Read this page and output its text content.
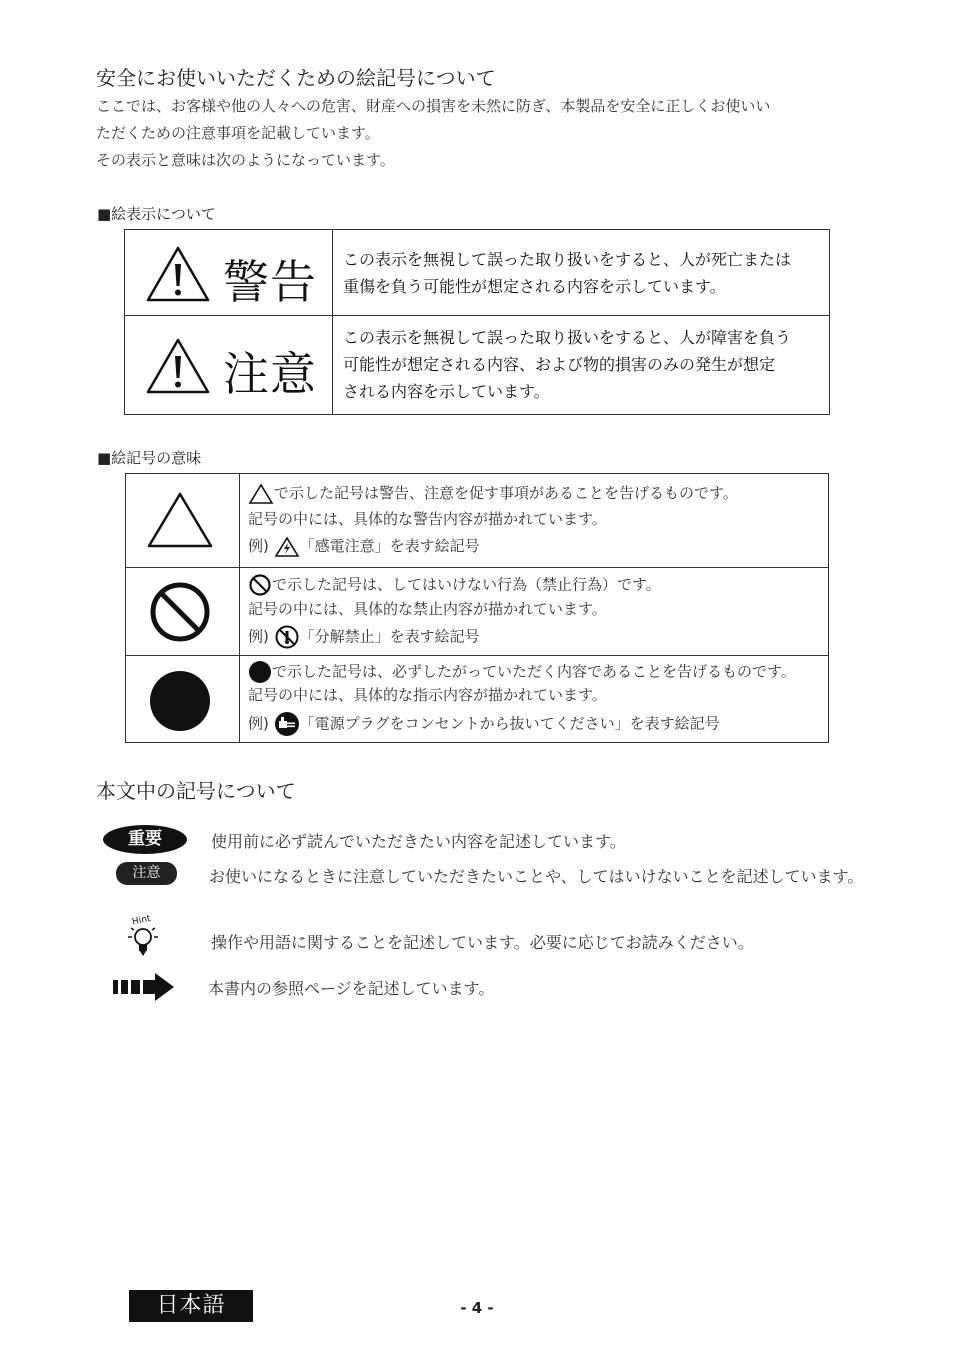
安全にお使いいただくための絵記号について
ここでは、お客様や他の人々への危害、財産への損害を未然に防ぎ、本製品を安全に正しくお使いい
ただくための注意事項を記載しています。
その表示と意味は次のようになっています。
■絵表示について
警告 この表示を無視して誤った取り扱いをすると、人が死亡または
重傷を負う可能性が想定される内容を示しています。
注意
この表示を無視して誤った取り扱いをすると、人が障害を負う
可能性が想定される内容、および物的損害のみの発生が想定
される内容を示しています。
■絵記号の意味
で示した記号は警告、注意を促す事項があることを告げるものです。
記号の中には、具体的な警告内容が描かれています。
例) 「感電注意」を表す絵記号
で示した記号は、してはいけない行為（禁止行為）です。
記号の中には、具体的な禁止内容が描かれています。
例) 「分解禁止」を表す絵記号
で示した記号は、必ずしたがっていただく内容であることを告げるものです。
記号の中には、具体的な指示内容が描かれています。
例) 「電源プラグをコンセントから抜いてください」を表す絵記号
本文中の記号について
重要	使用前に必ず読んでいただきたい内容を記述しています。
注意	お使いになるときに注意していただきたいことや、してはいけないことを記述しています。
Hint
操作や用語に関することを記述しています。必要に応じてお読みください。
本書内の参照ページを記述しています。
日本語	- 4 -
